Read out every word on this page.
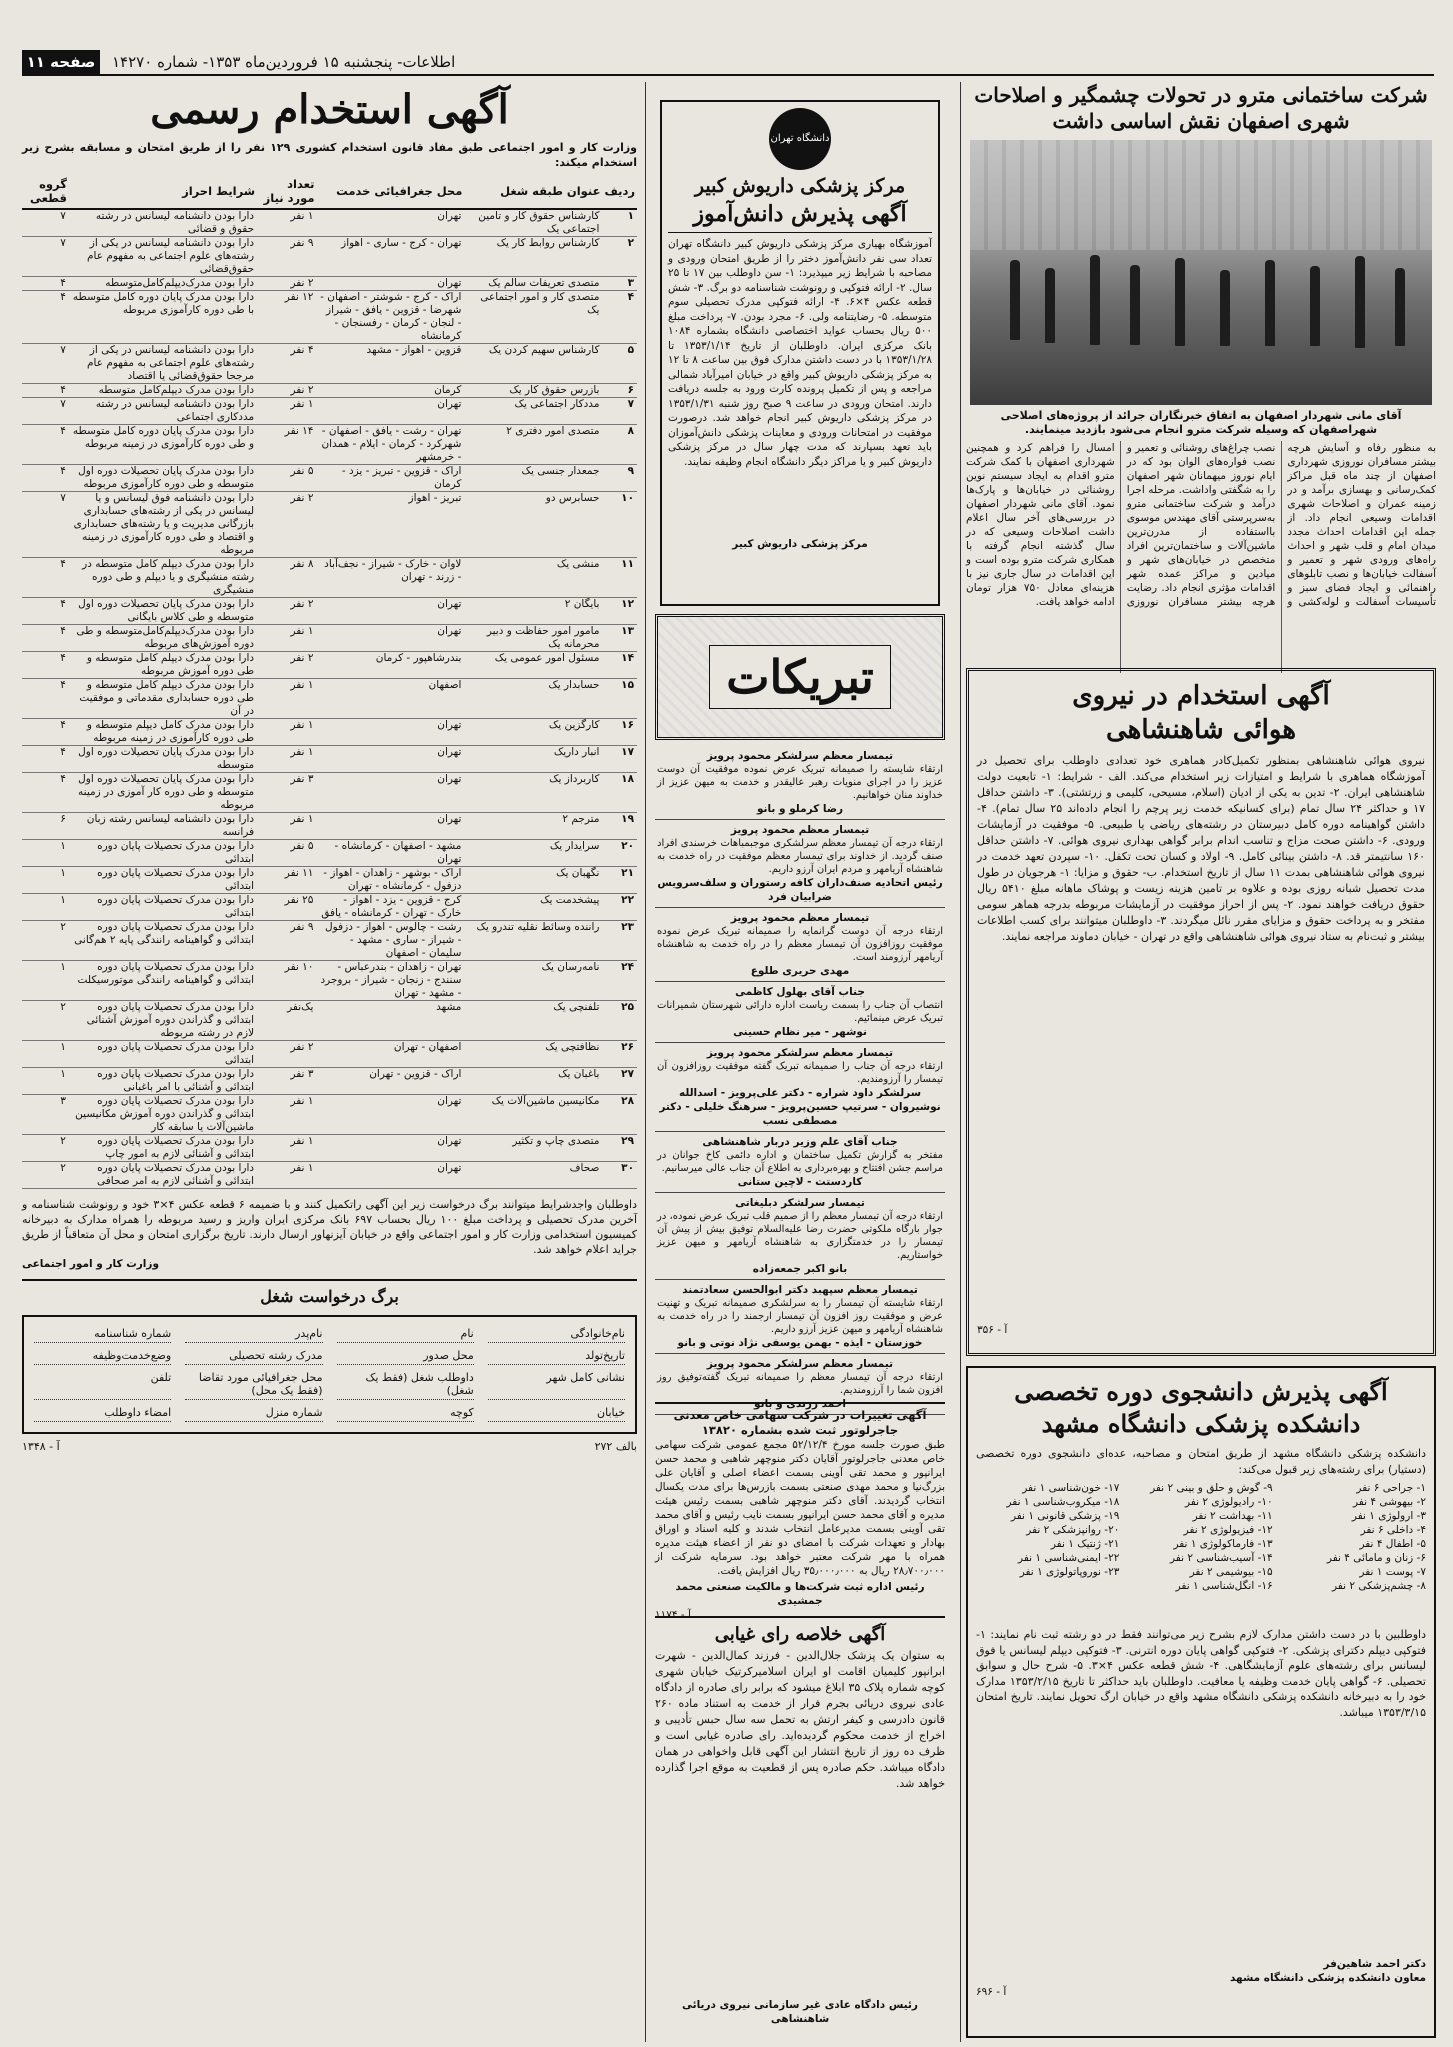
صفحه ۱۱	اطلاعات- پنجشنبه ۱۵ فروردین‌ماه ۱۳۵۳- شماره ۱۴۲۷۰
شرکت ساختمانی مترو در تحولات چشمگیر و اصلاحات
شهری اصفهان نقش اساسی داشت
آقای مانی شهردار اصفهان به اتفاق خبرنگاران جرائد از پروژه‌های اصلاحی شهراصفهان که وسیله شرکت مترو انجام می‌شود بازدید مینمایند.
به منظور رفاه و آسایش هرچه بیشتر مسافران نوروزی شهرداری اصفهان از چند ماه قبل مراکز کمک‌رسانی و بهسازی برآمد و در زمینه عمران و اصلاحات شهری اقدامات وسیعی انجام داد. از جمله این اقدامات احداث مجدد میدان امام و قلب شهر و احداث راه‌های ورودی شهر و تعمیر و آسفالت خیابان‌ها و نصب تابلوهای راهنمائی و ایجاد فضای سبز و تأسیسات آسفالت و لوله‌کشی و نصب چراغ‌های روشنائی و تعمیر و نصب فواره‌های الوان بود که در ایام نوروز میهمانان شهر اصفهان را به شگفتی واداشت. مرحله اجرا درآمد و شرکت ساختمانی مترو به‌سرپرستی آقای مهندس موسوی بااستفاده از مدرن‌ترین ماشین‌آلات و ساختمان‌ترین افراد متخصص در خیابان‌های شهر و میادین و مراکز عمده شهر اقدامات مؤثری انجام داد. رضایت هرچه بیشتر مسافران نوروزی امسال را فراهم کرد و همچنین شهرداری اصفهان با کمک شرکت مترو اقدام به ایجاد سیستم نوین روشنائی در خیابان‌ها و پارک‌ها نمود. آقای مانی شهردار اصفهان در بررسی‌های آخر سال اعلام داشت اصلاحات وسیعی که در سال گذشته انجام گرفته با همکاری شرکت مترو بوده است و این اقدامات در سال جاری نیز با هزینه‌ای معادل ۷۵۰ هزار تومان ادامه خواهد یافت.
آگهی استخدام در نیروی
هوائی شاهنشاهی
نیروی هوائی شاهنشاهی بمنظور تکمیل‌کادر هماهری خود تعدادی داوطلب برای تحصیل در آموزشگاه هماهری با شرایط و امتیازات زیر استخدام می‌کند. الف - شرایط: ۱- تابعیت دولت شاهنشاهی ایران. ۲- تدین به یکی از ادیان (اسلام، مسیحی، کلیمی و زرتشتی). ۳- داشتن حداقل ۱۷ و حداکثر ۲۴ سال تمام (برای کسانیکه خدمت زیر پرچم را انجام داده‌اند ۲۵ سال تمام). ۴- داشتن گواهینامه دوره کامل دبیرستان در رشته‌های ریاضی یا طبیعی. ۵- موفقیت در آزمایشات ورودی. ۶- داشتن صحت مزاج و تناسب اندام برابر گواهی بهداری نیروی هوائی. ۷- داشتن حداقل ۱۶۰ سانتیمتر قد. ۸- داشتن بینائی کامل. ۹- اولاد و کسان تحت تکفل. ۱۰- سپردن تعهد خدمت در نیروی هوائی شاهنشاهی بمدت ۱۱ سال از تاریخ استخدام. ب- حقوق و مزایا: ۱- هرجویان در طول مدت تحصیل شبانه روزی بوده و علاوه بر تامین هزینه زیست و پوشاک ماهانه مبلغ ۵۴۱۰ ریال حقوق دریافت خواهند نمود. ۲- پس از احراز موفقیت در آزمایشات مربوطه بدرجه هماهر سومی مفتخر و به پرداخت حقوق و مزایای مقرر نائل میگردند. ۳- داوطلبان میتوانند برای کسب اطلاعات بیشتر و ثبت‌نام به ستاد نیروی هوائی شاهنشاهی واقع در تهران - خیابان دماوند مراجعه نمایند.
آ - ۳۵۶
آگهی پذیرش دانشجوی دوره تخصصی
دانشکده پزشکی دانشگاه مشهد
دانشکده پزشکی دانشگاه مشهد از طریق امتحان و مصاحبه، عده‌ای دانشجوی دوره تخصصی (دستیار) برای رشته‌های زیر قبول می‌کند:
۱- جراحی ۶ نفر
۲- بیهوشی ۴ نفر
۳- ارولوژی ۱ نفر
۴- داخلی ۶ نفر
۵- اطفال ۴ نفر
۶- زنان و مامائی ۴ نفر
۷- پوست ۱ نفر
۸- چشم‌پزشکی ۲ نفر
۹- گوش و حلق و بینی ۲ نفر
۱۰- رادیولوژی ۲ نفر
۱۱- بهداشت ۲ نفر
۱۲- فیزیولوژی ۲ نفر
۱۳- فارماکولوژی ۱ نفر
۱۴- آسیب‌شناسی ۲ نفر
۱۵- بیوشیمی ۲ نفر
۱۶- انگل‌شناسی ۱ نفر
۱۷- خون‌شناسی ۱ نفر
۱۸- میکروب‌شناسی ۱ نفر
۱۹- پزشکی قانونی ۱ نفر
۲۰- روانپزشکی ۲ نفر
۲۱- ژنتیک ۱ نفر
۲۲- ایمنی‌شناسی ۱ نفر
۲۳- نوروپاتولوژی ۱ نفر
داوطلبین با در دست داشتن مدارک لازم بشرح زیر می‌توانند فقط در دو رشته ثبت نام نمایند: ۱- فتوکپی دیپلم دکترای پزشکی. ۲- فتوکپی گواهی پایان دوره انترنی. ۳- فتوکپی دیپلم لیسانس یا فوق لیسانس برای رشته‌های علوم آزمایشگاهی. ۴- شش قطعه عکس ۴×۳. ۵- شرح حال و سوابق تحصیلی. ۶- گواهی پایان خدمت وظیفه یا معافیت. داوطلبان باید حداکثر تا تاریخ ۱۳۵۳/۲/۱۵ مدارک خود را به دبیرخانه دانشکده پزشکی دانشگاه مشهد واقع در خیابان ارگ تحویل نمایند. تاریخ امتحان ۱۳۵۳/۳/۱۵ میباشد.
دکتر احمد شاهین‌فر
معاون دانشکده پزشکی دانشگاه مشهد
آ - ۶۹۶
دانشگاه تهران
مرکز پزشکی داریوش کبیر
آگهی پذیرش دانش‌آموز
آموزشگاه بهیاری مرکز پزشکی داریوش کبیر دانشگاه تهران تعداد سی نفر دانش‌آموز دختر را از طریق امتحان ورودی و مصاحبه با شرایط زیر میپذیرد: ۱- سن داوطلب بین ۱۷ تا ۲۵ سال. ۲- ارائه فتوکپی و رونوشت شناسنامه دو برگ. ۳- شش قطعه عکس ۴×۶. ۴- ارائه فتوکپی مدرک تحصیلی سوم متوسطه. ۵- رضایتنامه ولی. ۶- مجرد بودن. ۷- پرداخت مبلغ ۵۰۰ ریال بحساب عواید اختصاصی دانشگاه بشماره ۱۰۸۴ بانک مرکزی ایران. داوطلبان از تاریخ ۱۳۵۳/۱/۱۴ تا ۱۳۵۳/۱/۲۸ با در دست داشتن مدارک فوق بین ساعت ۸ تا ۱۲ به مرکز پزشکی داریوش کبیر واقع در خیابان امیرآباد شمالی مراجعه و پس از تکمیل پرونده کارت ورود به جلسه دریافت دارند. امتحان ورودی در ساعت ۹ صبح روز شنبه ۱۳۵۳/۱/۳۱ در مرکز پزشکی داریوش کبیر انجام خواهد شد. درصورت موفقیت در امتحانات ورودی و معاینات پزشکی دانش‌آموزان باید تعهد بسپارند که مدت چهار سال در مرکز پزشکی داریوش کبیر و یا مراکز دیگر دانشگاه انجام وظیفه نمایند.
مرکز پزشکی داریوش کبیر
تبریکات
تیمسار معظم سرلشکر محمود پرویز
ارتقاء شایسته را صمیمانه تبریک عرض نموده موفقیت آن دوست عزیز را در اجرای منویات رهبر عالیقدر و خدمت به میهن عزیز از خداوند منان خواهانیم.
رضا کرملو و بانو
تیمسار معظم محمود پرویز
ارتقاء درجه آن تیمسار معظم سرلشکری موجبمباهات خرسندی افراد صنف گردید. از خداوند برای تیمسار معظم موفقیت در راه خدمت به شاهنشاه آریامهر و مردم ایران آرزو داریم.
رئیس اتحادیه صنف‌داران کافه رستوران و سلف‌سرویس ضرابیان فرد
تیمسار معظم محمود پرویز
ارتقاء درجه آن دوست گرانمایه را صمیمانه تبریک عرض نموده موفقیت روزافزون آن تیمسار معظم را در راه خدمت به شاهنشاه آریامهر آرزومند است.
مهدی حریری طلوع
جناب آقای بهلول کاظمی
انتصاب آن جناب را بسمت ریاست اداره دارائی شهرستان شمیرانات تبریک عرض مینمائیم.
نوشهر - میر نظام حسینی
تیمسار معظم سرلشکر محمود پرویز
ارتقاء درجه آن جناب را صمیمانه تبریک گفته موفقیت روزافزون آن تیمسار را آرزومندیم.
سرلشکر داود شراره - دکتر علی‌پرویز - اسدالله نوشیروان - سرتیپ حسین‌پرویز - سرهنگ خلیلی - دکتر مصطفی نسب
جناب آقای علم وزیر دربار شاهنشاهی
مفتخر به گزارش تکمیل ساختمان و اداره دائمی کاخ جوانان در مراسم جشن افتتاح و بهره‌برداری به اطلاع آن جناب عالی میرسانیم.
کاردستت - لاچین ستانی
تیمسار سرلشکر دبلیغاتی
ارتقاء درجه آن تیمسار معظم را از صمیم قلب تبریک عرض نموده، در جوار بارگاه ملکوتی حضرت رضا علیه‌السلام توفیق بیش از پیش آن تیمسار را در خدمتگزاری به شاهنشاه آریامهر و میهن عزیز خواستاریم.
بانو اکبر جمعه‌زاده
تیمسار معظم سپهبد دکتر ابوالحسن سعادتمند
ارتقاء شایسته آن تیمسار را به سرلشکری صمیمانه تبریک و تهنیت عرض و موفقیت روز افزون آن تیمسار ارجمند را در راه خدمت به شاهنشاه آریامهر و میهن عزیز آرزو داریم.
خوزستان - ایذه - بهمن یوسفی نژاد نوتی و بانو
تیمسار معظم سرلشکر محمود پرویز
ارتقاء درجه آن تیمسار معظم را صمیمانه تبریک گفته‌توفیق روز افزون شما را آرزومندیم.
احمد زرندی و بانو
آگهی تغییرات در شرکت سهامی خاص معدنی جاجرلوتور ثبت شده بشماره ۱۳۸۲۰
طبق صورت جلسه مورخ ۵۲/۱۲/۴ مجمع عمومی شرکت سهامی خاص معدنی جاجرلوتور آقایان دکتر منوچهر شاهبی و محمد حسن ایرانپور و محمد تقی آوینی بسمت اعضاء اصلی و آقایان علی بزرگ‌نیا و محمد مهدی صنعتی بسمت بازرس‌ها برای مدت یکسال انتخاب گردیدند. آقای دکتر منوچهر شاهبی بسمت رئیس هیئت مدیره و آقای محمد حسن ایرانپور بسمت نایب رئیس و آقای محمد تقی آوینی بسمت مدیرعامل انتخاب شدند و کلیه اسناد و اوراق بهادار و تعهدات شرکت با امضای دو نفر از اعضاء هیئت مدیره همراه با مهر شرکت معتبر خواهد بود. سرمایه شرکت از ۲۸٫۷۰۰٫۰۰۰ ریال به ۳۵٫۰۰۰٫۰۰۰ ریال افزایش یافت.
رئیس اداره ثبت شرکت‌ها و مالکیت صنعتی محمد جمشیدی
آ - ۱۱۷۴
آگهی خلاصه رای غیابی
به ستوان یک پزشک جلال‌الدین - فرزند کمال‌الدین - شهرت ابرانپور کلیمیان اقامت او ایران اسلامیرکرتیک خیابان شهری کوچه شماره پلاک ۳۵ ابلاغ میشود که برابر رای صادره از دادگاه عادی نیروی دریائی بجرم فرار از خدمت به استناد ماده ۲۶۰ قانون دادرسی و کیفر ارتش به تحمل سه سال حبس تأدیبی و اخراج از خدمت محکوم گردیده‌اید. رای صادره غیابی است و ظرف ده روز از تاریخ انتشار این آگهی قابل واخواهی در همان دادگاه میباشد. حکم صادره پس از قطعیت به موقع اجرا گذارده خواهد شد.
رئیس دادگاه عادی غیر سازمانی نیروی دریائی شاهنشاهی
آگهی استخدام رسمی
وزارت کار و امور اجتماعی طبق مفاد قانون استخدام کشوری ۱۲۹ نفر را از طریق امتحان و مسابقه بشرح زیر استخدام میکند:
ردیف	عنوان طبقه شغل	محل جغرافیائی خدمت	تعداد مورد نیاز	شرایط احراز	گروه قطعی
۱	کارشناس حقوق کار و تامین اجتماعی یک	تهران	۱ نفر	دارا بودن دانشنامه لیسانس در رشته حقوق و قضائی	۷
۲	کارشناس روابط کار یک	تهران - کرج - ساری - اهواز	۹ نفر	دارا بودن دانشنامه لیسانس در یکی از رشته‌های علوم اجتماعی به مفهوم عام حقوق‌قضائی	۷
۳	متصدی تعریفات سالم یک	تهران	۲ نفر	دارا بودن مدرک‌دیپلم‌کامل‌متوسطه	۴
۴	متصدی کار و امور اجتماعی یک	اراک - کرج - شوشتر - اصفهان - شهرضا - قزوین - یافق - شیراز - لنجان - کرمان - رفسنجان - کرمانشاه	۱۲ نفر	دارا بودن مدرک پایان دوره کامل متوسطه با طی دوره کارآموزی مربوطه	۴
۵	کارشناس سهیم کردن یک	قزوین - اهواز - مشهد	۴ نفر	دارا بودن دانشنامه لیسانس در یکی از رشته‌های علوم اجتماعی به مفهوم عام مرجحا حقوق‌قضائی یا اقتصاد	۷
۶	بازرس حقوق کار یک	کرمان	۲ نفر	دارا بودن مدرک دیپلم‌کامل متوسطه	۴
۷	مددکار اجتماعی یک	تهران	۱ نفر	دارا بودن دانشنامه لیسانس در رشته مددکاری اجتماعی	۷
۸	متصدی امور دفتری ۲	تهران - رشت - یافق - اصفهان - شهرکرد - کرمان - ایلام - همدان - خرمشهر	۱۴ نفر	دارا بودن مدرک پایان دوره کامل متوسطه و طی دوره کارآموزی در زمینه مربوطه	۴
۹	جمعدار جنسی یک	اراک - قزوین - تبریز - یزد - کرمان	۵ نفر	دارا بودن مدرک پایان تحصیلات دوره اول متوسطه و طی دوره کارآموزی مربوطه	۴
۱۰	حسابرس دو	تبریز - اهواز	۲ نفر	دارا بودن دانشنامه فوق لیسانس و یا لیسانس در یکی از رشته‌های حسابداری بازرگانی مدیریت و یا رشته‌های حسابداری و اقتصاد و طی دوره کارآموزی در زمینه مربوطه	۷
۱۱	منشی یک	لاوان - خارک - شیراز - نجف‌آباد - زرند - تهران	۸ نفر	دارا بودن مدرک دیپلم کامل متوسطه در رشته منشیگری و یا دیپلم و طی دوره منشیگری	۴
۱۲	بایگان ۲	تهران	۲ نفر	دارا بودن مدرک پایان تحصیلات دوره اول متوسطه و طی کلاس بایگانی	۴
۱۳	مامور امور حفاظت و دبیر محرمانه یک	تهران	۱ نفر	دارا بودن مدرک‌دیپلم‌کامل‌متوسطه و طی دوره آموزش‌های مربوطه	۴
۱۴	مسئول امور عمومی یک	بندرشاهپور - کرمان	۲ نفر	دارا بودن مدرک دیپلم کامل متوسطه و طی دوره آموزش مربوطه	۴
۱۵	حسابدار یک	اصفهان	۱ نفر	دارا بودن مدرک دیپلم کامل متوسطه و طی دوره حسابداری مقدماتی و موفقیت در آن	۴
۱۶	کارگزین یک	تهران	۱ نفر	دارا بودن مدرک کامل دیپلم متوسطه و طی دوره کارآموزی در زمینه مربوطه	۴
۱۷	انبار داریک	تهران	۱ نفر	دارا بودن مدرک پایان تحصیلات دوره اول متوسطه	۴
۱۸	کاربرداز یک	تهران	۳ نفر	دارا بودن مدرک پایان تحصیلات دوره اول متوسطه و طی دوره کار آموزی در زمینه مربوطه	۴
۱۹	مترجم ۲	تهران	۱ نفر	دارا بودن دانشنامه لیسانس رشته زبان فرانسه	۶
۲۰	سرایدار یک	مشهد - اصفهان - کرمانشاه - تهران	۵ نفر	دارا بودن مدرک تحصیلات پایان دوره ابتدائی	۱
۲۱	نگهبان یک	اراک - بوشهر - زاهدان - اهواز - دزفول - کرمانشاه - تهران	۱۱ نفر	دارا بودن مدرک تحصیلات پایان دوره ابتدائی	۱
۲۲	پیشخدمت یک	کرج - قزوین - یزد - اهواز - خارک - تهران - کرمانشاه - یافق	۲۵ نفر	دارا بودن مدرک تحصیلات پایان دوره ابتدائی	۱
۲۳	راننده وسائط نقلیه تندرو یک	رشت - چالوس - اهواز - دزفول - شیراز - ساری - مشهد - سلیمان - اصفهان	۹ نفر	دارا بودن مدرک تحصیلات پایان دوره ابتدائی و گواهینامه رانندگی پایه ۲ هم‌گانی	۲
۲۴	نامه‌رسان یک	تهران - زاهدان - بندرعباس - سنندج - زنجان - شیراز - بروجرد - مشهد - تهران	۱۰ نفر	دارا بودن مدرک تحصیلات پایان دوره ابتدائی و گواهینامه رانندگی موتورسیکلت	۱
۲۵	تلفنچی یک	مشهد	یک‌نفر	دارا بودن مدرک تحصیلات پایان دوره ابتدائی و گذراندن دوره آموزش آشنائی لازم در رشته مربوطه	۲
۲۶	نظافتچی یک	اصفهان - تهران	۲ نفر	دارا بودن مدرک تحصیلات پایان دوره ابتدائی	۱
۲۷	باغبان یک	اراک - قزوین - تهران	۳ نفر	دارا بودن مدرک تحصیلات پایان دوره ابتدائی و آشنائی با امر باغبانی	۱
۲۸	مکانیسین ماشین‌آلات یک	تهران	۱ نفر	دارا بودن مدرک تحصیلات پایان دوره ابتدائی و گذراندن دوره آموزش مکانیسین ماشین‌آلات یا سابقه کار	۳
۲۹	متصدی چاپ و تکثیر	تهران	۱ نفر	دارا بودن مدرک تحصیلات پایان دوره ابتدائی و آشنائی لازم به امور چاپ	۲
۳۰	صحاف	تهران	۱ نفر	دارا بودن مدرک تحصیلات پایان دوره ابتدائی و آشنائی لازم به امر صحافی	۲
داوطلبان واجدشرایط میتوانند برگ درخواست زیر این آگهی راتکمیل کنند و با ضمیمه ۶ قطعه عکس ۴×۳ خود و رونوشت شناسنامه و آخرین مدرک تحصیلی و پرداخت مبلغ ۱۰۰ ریال بحساب ۶۹۷ بانک مرکزی ایران واریز و رسید مربوطه را همراه مدارک به دبیرخانه کمیسیون استخدامی وزارت کار و امور اجتماعی واقع در خیابان آیزنهاور ارسال دارند. تاریخ برگزاری امتحان و محل آن متعاقباً از طریق جراید اعلام خواهد شد.
وزارت کار و امور اجتماعی
برگ درخواست شغل
نام‌خانوادگی
نام
نام‌پدر
شماره شناسنامه
تاریخ‌تولد
محل صدور
مدرک رشته تحصیلی
وضع‌خدمت‌وظیفه
نشانی کامل شهر
داوطلب شغل (فقط یک شغل)
محل جغرافیائی مورد تقاضا (فقط یک محل)
تلفن
خیابان
کوچه
شماره منزل
امضاء داوطلب
بالف ۲۷۲
آ - ۱۳۴۸
